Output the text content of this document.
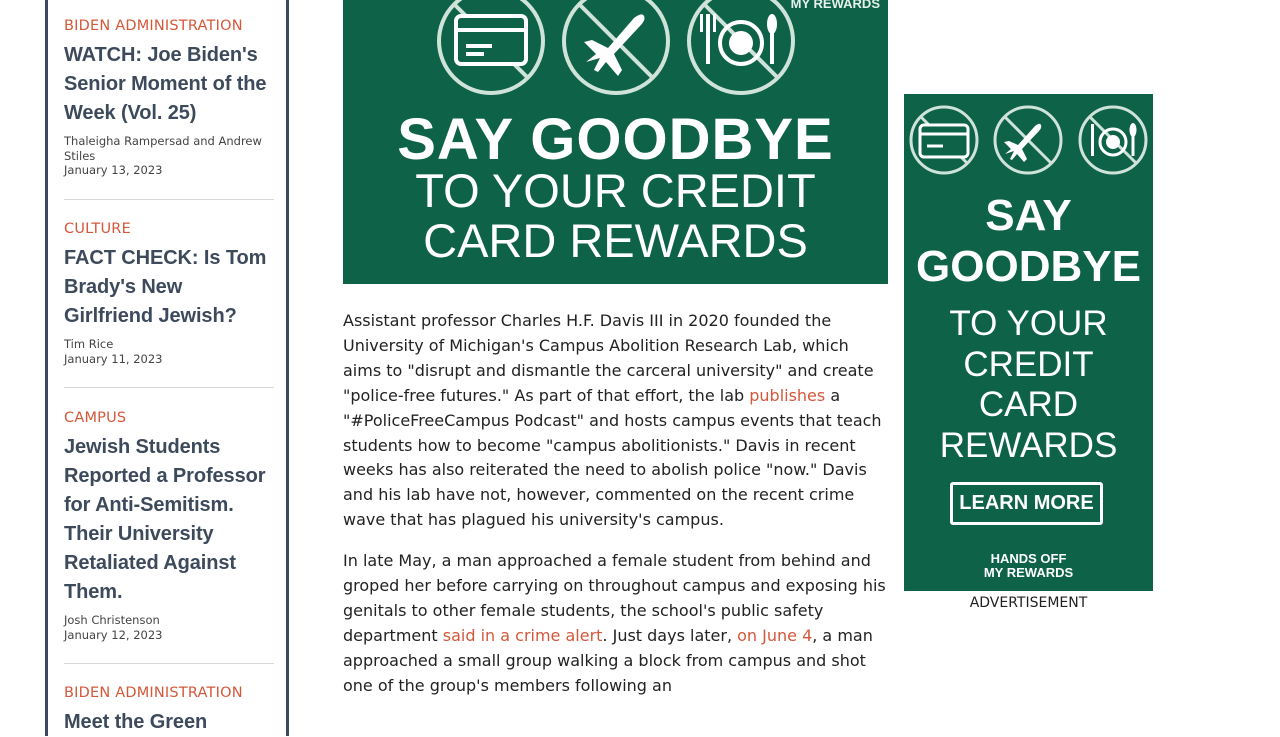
BIDEN ADMINISTRATION
WATCH: Joe Biden's Senior Moment of the Week (Vol. 25)
Thaleigha Rampersad and Andrew Stiles
January 13, 2023
CULTURE
FACT CHECK: Is Tom Brady's New Girlfriend Jewish?
Tim Rice
January 11, 2023
CAMPUS
Jewish Students Reported a Professor for Anti-Semitism. Their University Retaliated Against Them.
Josh Christenson
January 12, 2023
BIDEN ADMINISTRATION
Meet the Green
MY REWARDS
SAY GOODBYE
TO YOUR CREDIT
CARD REWARDS

Assistant professor Charles H.F. Davis III in 2020 founded the University of Michigan's Campus Abolition Research Lab, which aims to "disrupt and dismantle the carceral university" and create "police-free futures." As part of that effort, the lab publishes a "#PoliceFreeCampus Podcast" and hosts campus events that teach students how to become "campus abolitionists." Davis in recent weeks has also reiterated the need to abolish police "now." Davis and his lab have not, however, commented on the recent crime wave that has plagued his university's campus.

In late May, a man approached a female student from behind and groped her before carrying on throughout campus and exposing his genitals to other female students, the school's public safety department said in a crime alert. Just days later, on June 4, a man approached a small group walking a block from campus and shot one of the group's members following an

SAY
GOODBYE
TO YOUR
CREDIT
CARD
REWARDS
LEARN MORE
HANDS OFF
MY REWARDS
ADVERTISEMENT
